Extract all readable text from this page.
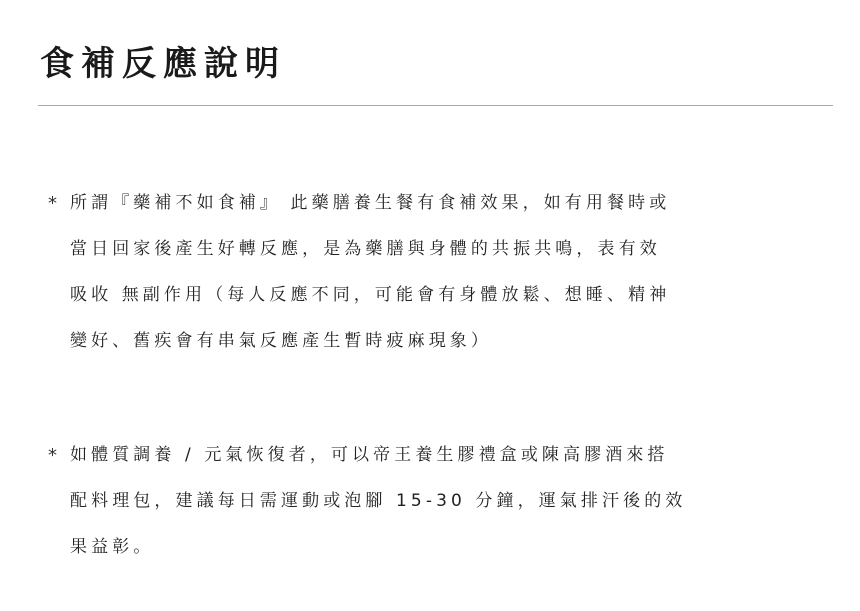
食補反應說明
* 所謂『藥補不如食補』 此藥膳養生餐有食補效果，如有用餐時或
當日回家後產生好轉反應，是為藥膳與身體的共振共鳴，表有效
吸收 無副作用（每人反應不同，可能會有身體放鬆、想睡、精神
變好、舊疾會有串氣反應產生暫時疲麻現象）
* 如體質調養 / 元氣恢復者，可以帝王養生膠禮盒或陳高膠酒來搭
配料理包，建議每日需運動或泡腳 15-30 分鐘，運氣排汗後的效
果益彰。
